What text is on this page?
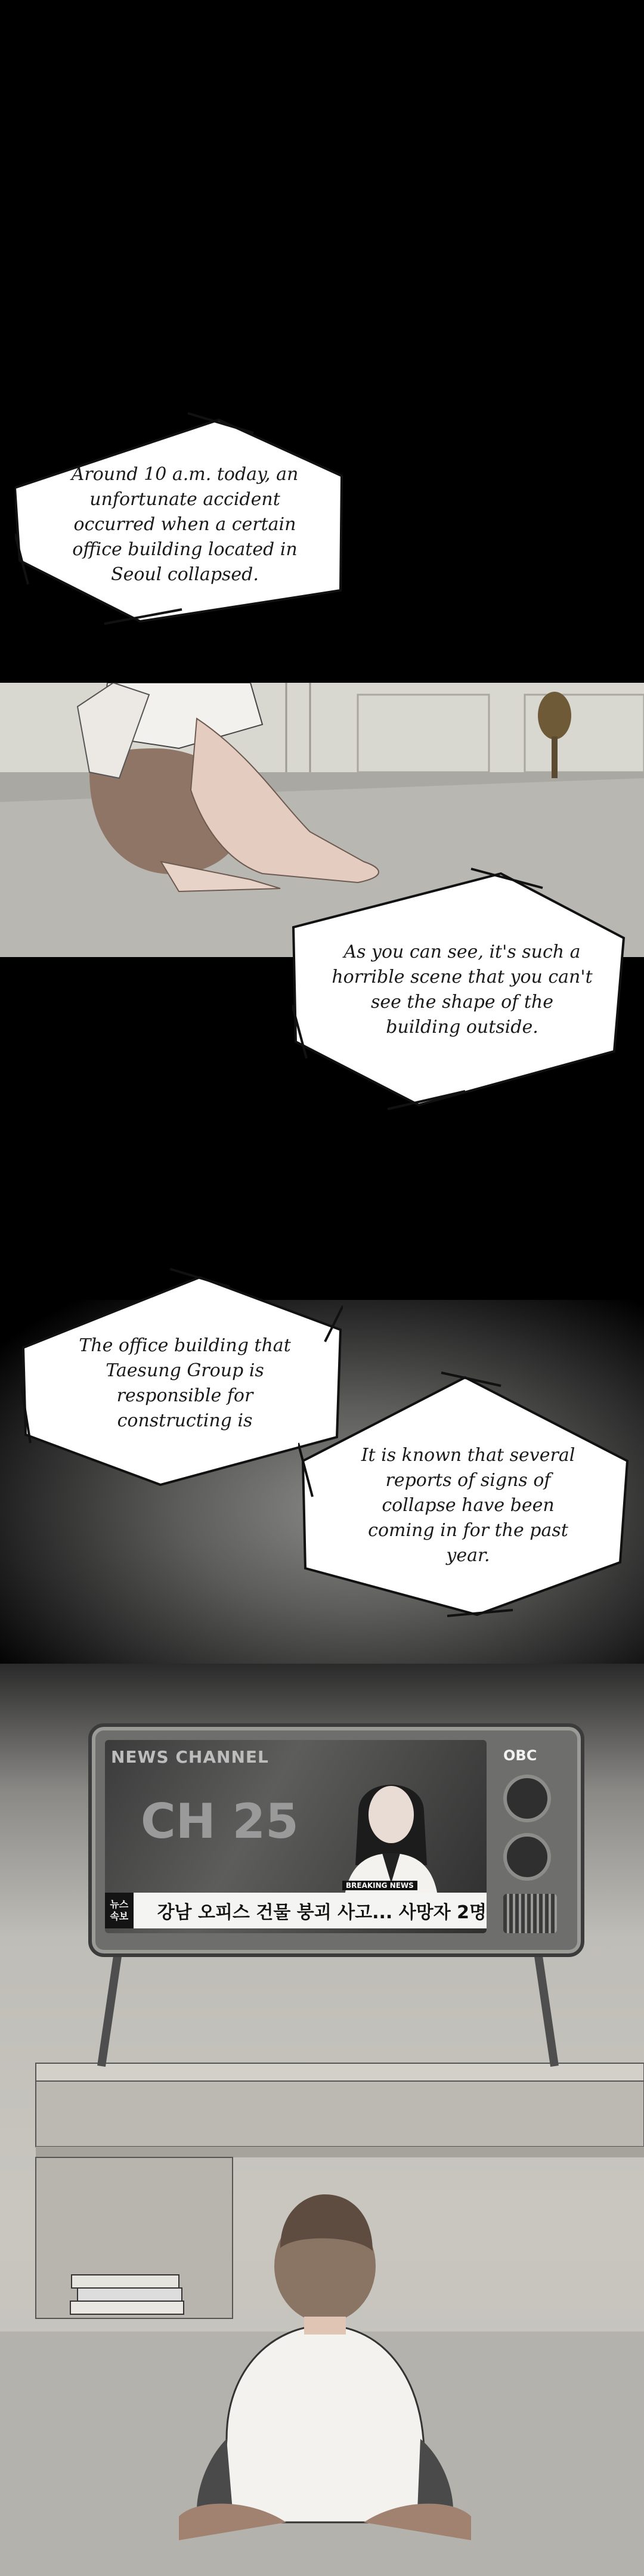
Around 10 a.m. today, an unfortunate accident occurred when a certain office building located in Seoul collapsed.
As you can see, it's such a horrible scene that you can't see the shape of the building outside.
The office building that Taesung Group is responsible for constructing is
It is known that several reports of signs of collapse have been coming in for the past year.
NEWS CHANNEL
CH 25
BREAKING NEWS
뉴스
속보 강남 오피스 건물 붕괴 사고... 사망자 2명
OBC
